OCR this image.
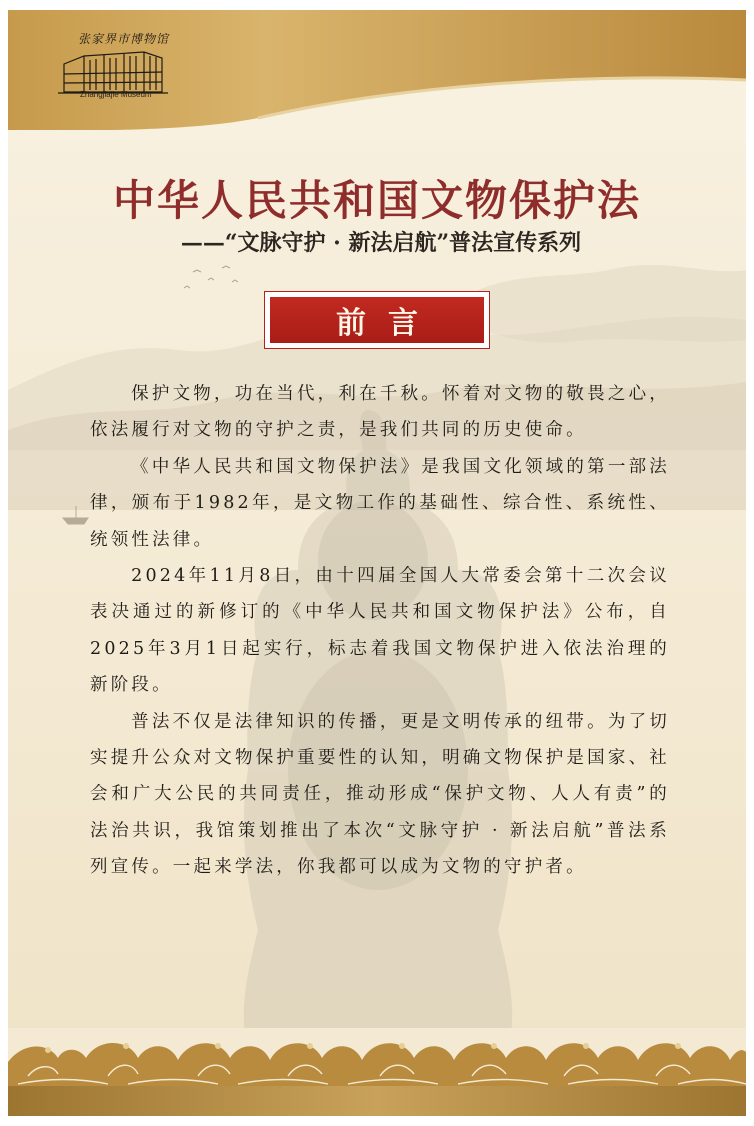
张家界市博物馆
Zhangjiajie Museum
中华人民共和国文物保护法
——“文脉守护 · 新法启航”普法宣传系列
前言

保护文物，功在当代，利在千秋。怀着对文物的敬畏之心，依法履行对文物的守护之责，是我们共同的历史使命。

《中华人民共和国文物保护法》是我国文化领域的第一部法律，颁布于1982年，是文物工作的基础性、综合性、系统性、统领性法律。

2024年11月8日，由十四届全国人大常委会第十二次会议表决通过的新修订的《中华人民共和国文物保护法》公布，自2025年3月1日起实行，标志着我国文物保护进入依法治理的新阶段。

普法不仅是法律知识的传播，更是文明传承的纽带。为了切实提升公众对文物保护重要性的认知，明确文物保护是国家、社会和广大公民的共同责任，推动形成“保护文物、人人有责”的法治共识，我馆策划推出了本次“文脉守护 · 新法启航”普法系列宣传。一起来学法，你我都可以成为文物的守护者。
